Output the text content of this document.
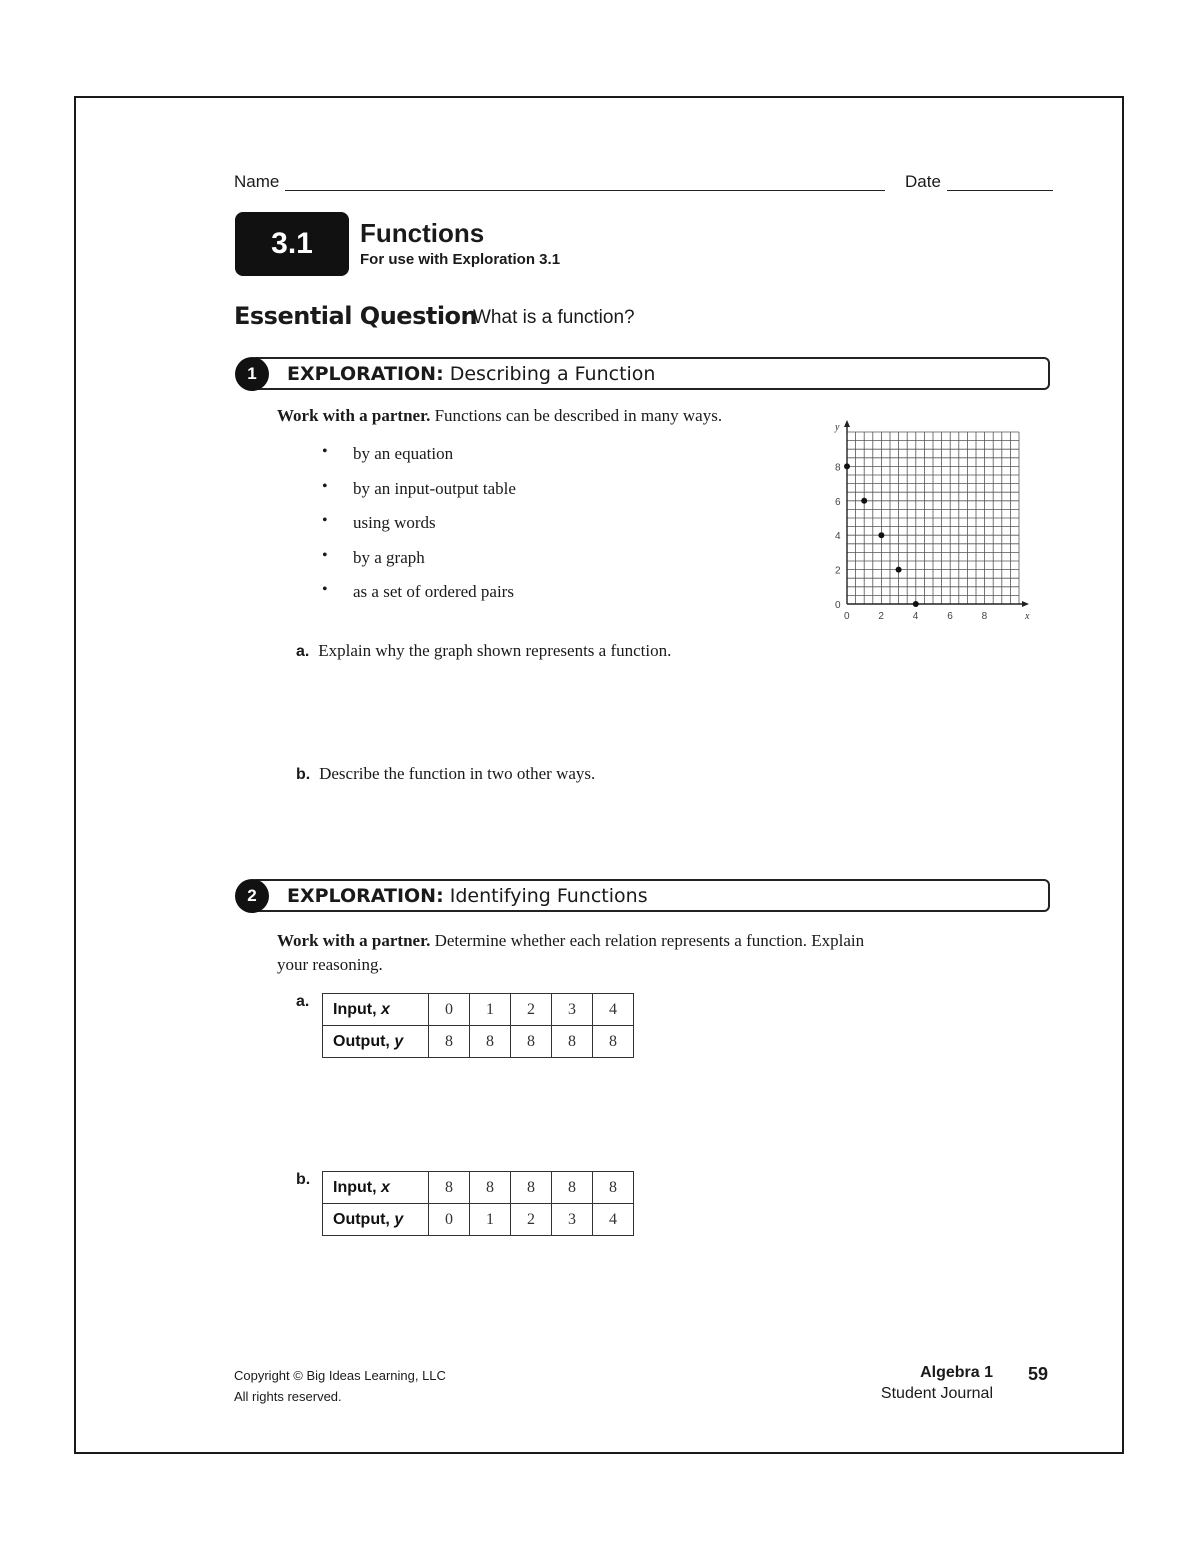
Name	Date
3.1 Functions
For use with Exploration 3.1
Essential Question
What is a function?
1 EXPLORATION: Describing a Function
Work with a partner. Functions can be described in many ways.
• by an equation
• by an input-output table
• using words
• by a graph
• as a set of ordered pairs
x
y
0	2	4	6	8
0
2
4
6
8
a. Explain why the graph shown represents a function.
b. Describe the function in two other ways.
2 EXPLORATION: Identifying Functions
Work with a partner. Determine whether each relation represents a function. Explain
your reasoning.
a. Input, x	0	1	2	3	4
Output, y	8	8	8	8	8
b. Input, x	8	8	8	8	8
Output, y	0	1	2	3	4
Copyright © Big Ideas Learning, LLC
All rights reserved.
Algebra 1
Student Journal
59
